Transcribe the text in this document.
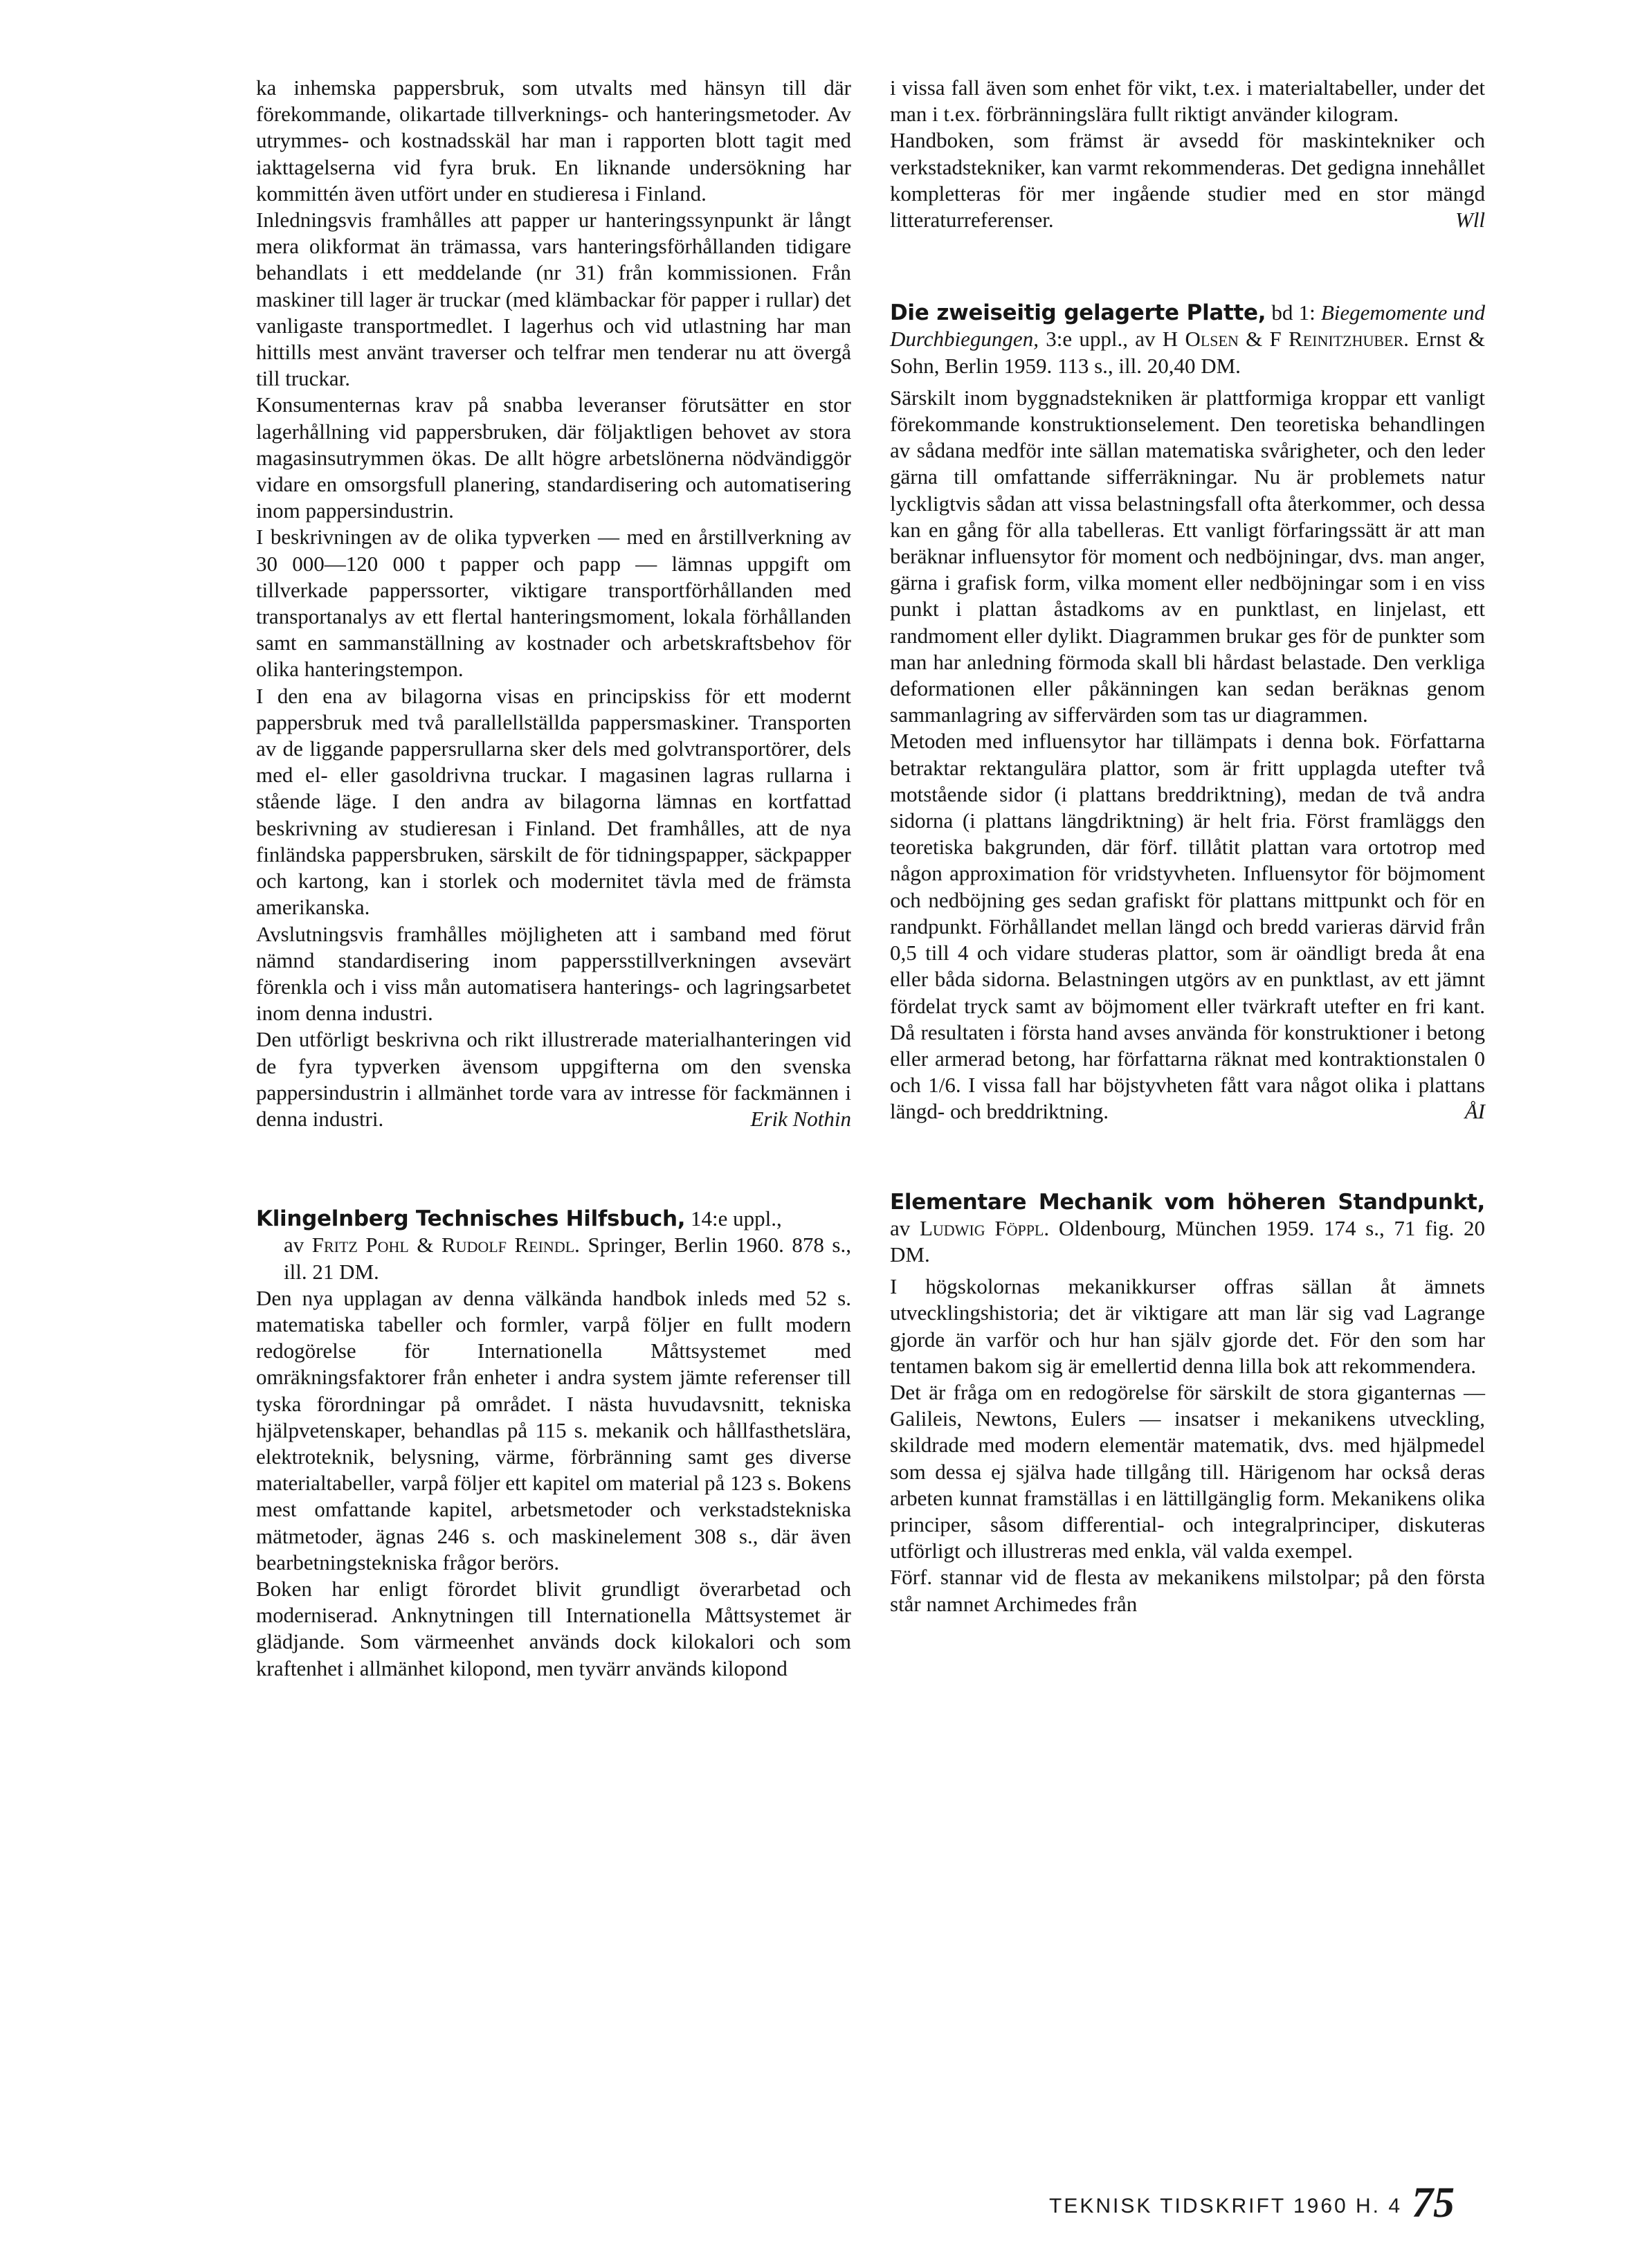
ka inhemska pappersbruk, som utvalts med hänsyn till där förekommande, olikartade tillverknings- och hanteringsmetoder. Av utrymmes- och kostnadsskäl har man i rapporten blott tagit med iakttagelserna vid fyra bruk. En liknande undersökning har kommittén även utfört under en studieresa i Finland.

Inledningsvis framhålles att papper ur hanteringssynpunkt är långt mera olikformat än trämassa, vars hanteringsförhållanden tidigare behandlats i ett meddelande (nr 31) från kommissionen. Från maskiner till lager är truckar (med klämbackar för papper i rullar) det vanligaste transportmedlet. I lagerhus och vid utlastning har man hittills mest använt traverser och telfrar men tenderar nu att övergå till truckar.

Konsumenternas krav på snabba leveranser förutsätter en stor lagerhållning vid pappersbruken, där följaktligen behovet av stora magasinsutrymmen ökas. De allt högre arbetslönerna nödvändiggör vidare en omsorgsfull planering, standardisering och automatisering inom pappersindustrin.

I beskrivningen av de olika typverken — med en årstillverkning av 30 000—120 000 t papper och papp — lämnas uppgift om tillverkade papperssorter, viktigare transportförhållanden med transportanalys av ett flertal hanteringsmoment, lokala förhållanden samt en sammanställning av kostnader och arbetskraftsbehov för olika hanteringstempon.

I den ena av bilagorna visas en principskiss för ett modernt pappersbruk med två parallellställda pappersmaskiner. Transporten av de liggande pappersrullarna sker dels med golvtransportörer, dels med el- eller gasoldrivna truckar. I magasinen lagras rullarna i stående läge. I den andra av bilagorna lämnas en kortfattad beskrivning av studieresan i Finland. Det framhålles, att de nya finländska pappersbruken, särskilt de för tidningspapper, säckpapper och kartong, kan i storlek och modernitet tävla med de främsta amerikanska.

Avslutningsvis framhålles möjligheten att i samband med förut nämnd standardisering inom pappersstillverkningen avsevärt förenkla och i viss mån automatisera hanterings- och lagringsarbetet inom denna industri.

Den utförligt beskrivna och rikt illustrerade materialhanteringen vid de fyra typverken ävensom uppgifterna om den svenska pappersindustrin i allmänhet torde vara av intresse för fackmännen i denna industri.	Erik Nothin

Klingelnberg Technisches Hilfsbuch, 14:e uppl.,
av Fritz Pohl & Rudolf Reindl. Springer, Berlin 1960. 878 s., ill. 21 DM.

Den nya upplagan av denna välkända handbok inleds med 52 s. matematiska tabeller och formler, varpå följer en fullt modern redogörelse för Internationella Måttsystemet med omräkningsfaktorer från enheter i andra system jämte referenser till tyska förordningar på området. I nästa huvudavsnitt, tekniska hjälpvetenskaper, behandlas på 115 s. mekanik och hållfasthetslära, elektroteknik, belysning, värme, förbränning samt ges diverse materialtabeller, varpå följer ett kapitel om material på 123 s. Bokens mest omfattande kapitel, arbetsmetoder och verkstadstekniska mätmetoder, ägnas 246 s. och maskinelement 308 s., där även bearbetningstekniska frågor berörs.

Boken har enligt förordet blivit grundligt överarbetad och moderniserad. Anknytningen till Internationella Måttsystemet är glädjande. Som värmeenhet används dock kilokalori och som kraftenhet i allmänhet kilopond, men tyvärr används kilopond

i vissa fall även som enhet för vikt, t.ex. i materialtabeller, under det man i t.ex. förbränningslära fullt riktigt använder kilogram.

Handboken, som främst är avsedd för maskintekniker och verkstadstekniker, kan varmt rekommenderas. Det gedigna innehållet kompletteras för mer ingående studier med en stor mängd litteraturreferenser.	Wll

Die zweiseitig gelagerte Platte, bd 1: Biegemomente und Durchbiegungen, 3:e uppl., av H Olsen & F Reinitzhuber. Ernst & Sohn, Berlin 1959. 113 s., ill. 20,40 DM.

Särskilt inom byggnadstekniken är plattformiga kroppar ett vanligt förekommande konstruktionselement. Den teoretiska behandlingen av sådana medför inte sällan matematiska svårigheter, och den leder gärna till omfattande sifferräkningar. Nu är problemets natur lyckligtvis sådan att vissa belastningsfall ofta återkommer, och dessa kan en gång för alla tabelleras. Ett vanligt förfaringssätt är att man beräknar influensytor för moment och nedböjningar, dvs. man anger, gärna i grafisk form, vilka moment eller nedböjningar som i en viss punkt i plattan åstadkoms av en punktlast, en linjelast, ett randmoment eller dylikt. Diagrammen brukar ges för de punkter som man har anledning förmoda skall bli hårdast belastade. Den verkliga deformationen eller påkänningen kan sedan beräknas genom sammanlagring av siffervärden som tas ur diagrammen.

Metoden med influensytor har tillämpats i denna bok. Författarna betraktar rektangulära plattor, som är fritt upplagda utefter två motstående sidor (i plattans breddriktning), medan de två andra sidorna (i plattans längdriktning) är helt fria. Först framläggs den teoretiska bakgrunden, där förf. tillåtit plattan vara ortotrop med någon approximation för vridstyvheten. Influensytor för böjmoment och nedböjning ges sedan grafiskt för plattans mittpunkt och för en randpunkt. Förhållandet mellan längd och bredd varieras därvid från 0,5 till 4 och vidare studeras plattor, som är oändligt breda åt ena eller båda sidorna. Belastningen utgörs av en punktlast, av ett jämnt fördelat tryck samt av böjmoment eller tvärkraft utefter en fri kant. Då resultaten i första hand avses använda för konstruktioner i betong eller armerad betong, har författarna räknat med kontraktionstalen 0 och 1/6. I vissa fall har böjstyvheten fått vara något olika i plattans längd- och breddriktning.	ÅI

Elementare Mechanik vom höheren Standpunkt, av Ludwig Föppl. Oldenbourg, München 1959. 174 s., 71 fig. 20 DM.

I högskolornas mekanikkurser offras sällan åt ämnets utvecklingshistoria; det är viktigare att man lär sig vad Lagrange gjorde än varför och hur han själv gjorde det. För den som har tentamen bakom sig är emellertid denna lilla bok att rekommendera.

Det är fråga om en redogörelse för särskilt de stora giganternas — Galileis, Newtons, Eulers — insatser i mekanikens utveckling, skildrade med modern elementär matematik, dvs. med hjälpmedel som dessa ej själva hade tillgång till. Härigenom har också deras arbeten kunnat framställas i en lättillgänglig form. Mekanikens olika principer, såsom differential- och integralprinciper, diskuteras utförligt och illustreras med enkla, väl valda exempel.

Förf. stannar vid de flesta av mekanikens milstolpar; på den första står namnet Archimedes från

TEKNISK TIDSKRIFT 1960 H. 4 75
